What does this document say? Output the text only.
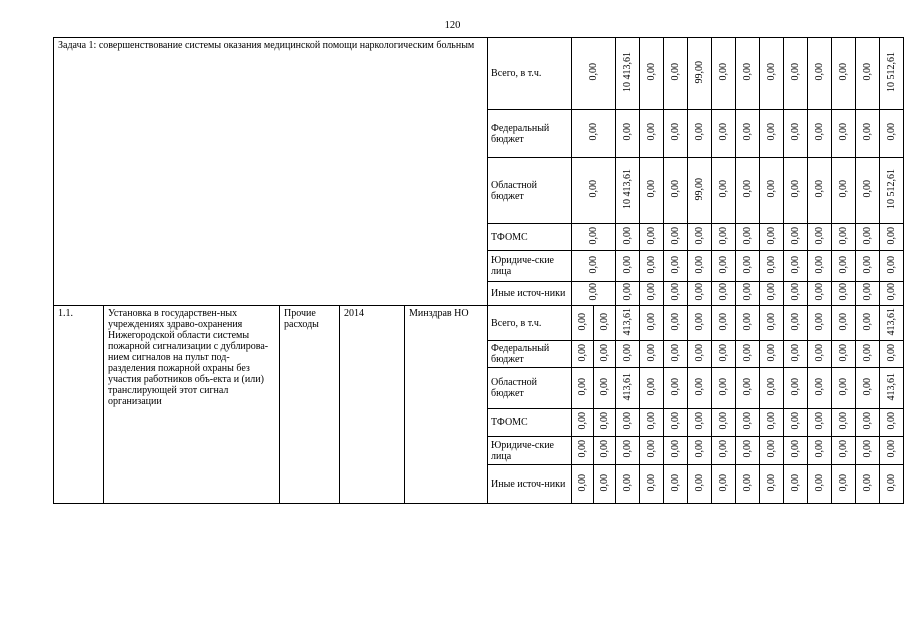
120
Задача 1: совершенствование системы оказания медицинской помощи наркологическим больным					Всего, в т.ч.	0,00		10 413,61	0,00	0,00	99,00	0,00	0,00	0,00	0,00	0,00	0,00	0,00	10 512,61
					Федеральный бюджет	0,00		0,00	0,00	0,00	0,00	0,00	0,00	0,00	0,00	0,00	0,00	0,00	0,00
					Областной бюджет	0,00		10 413,61	0,00	0,00	99,00	0,00	0,00	0,00	0,00	0,00	0,00	0,00	10 512,61
					ТФОМС	0,00		0,00	0,00	0,00	0,00	0,00	0,00	0,00	0,00	0,00	0,00	0,00	0,00
					Юридиче-ские лица	0,00		0,00	0,00	0,00	0,00	0,00	0,00	0,00	0,00	0,00	0,00	0,00	0,00
					Иные источ-ники	0,00		0,00	0,00	0,00	0,00	0,00	0,00	0,00	0,00	0,00	0,00	0,00	0,00
1.1.	Установка в государствен-ных учреждениях здраво-охранения Нижегородской области системы пожарной сигнализации с дублирова-нием сигналов на пульт под-разделения пожарной охраны без участия работников объ-екта и (или) транслирующей этот сигнал организации	Прочие расходы	2014	Минздрав НО	Всего, в т.ч.	0,00	0,00	413,61	0,00	0,00	0,00	0,00	0,00	0,00	0,00	0,00	0,00	0,00	413,61
					Федеральный бюджет	0,00	0,00	0,00	0,00	0,00	0,00	0,00	0,00	0,00	0,00	0,00	0,00	0,00	0,00
					Областной бюджет	0,00	0,00	413,61	0,00	0,00	0,00	0,00	0,00	0,00	0,00	0,00	0,00	0,00	413,61
					ТФОМС	0,00	0,00	0,00	0,00	0,00	0,00	0,00	0,00	0,00	0,00	0,00	0,00	0,00	0,00
					Юридиче-ские лица	0,00	0,00	0,00	0,00	0,00	0,00	0,00	0,00	0,00	0,00	0,00	0,00	0,00	0,00
					Иные источ-ники	0,00	0,00	0,00	0,00	0,00	0,00	0,00	0,00	0,00	0,00	0,00	0,00	0,00	0,00
